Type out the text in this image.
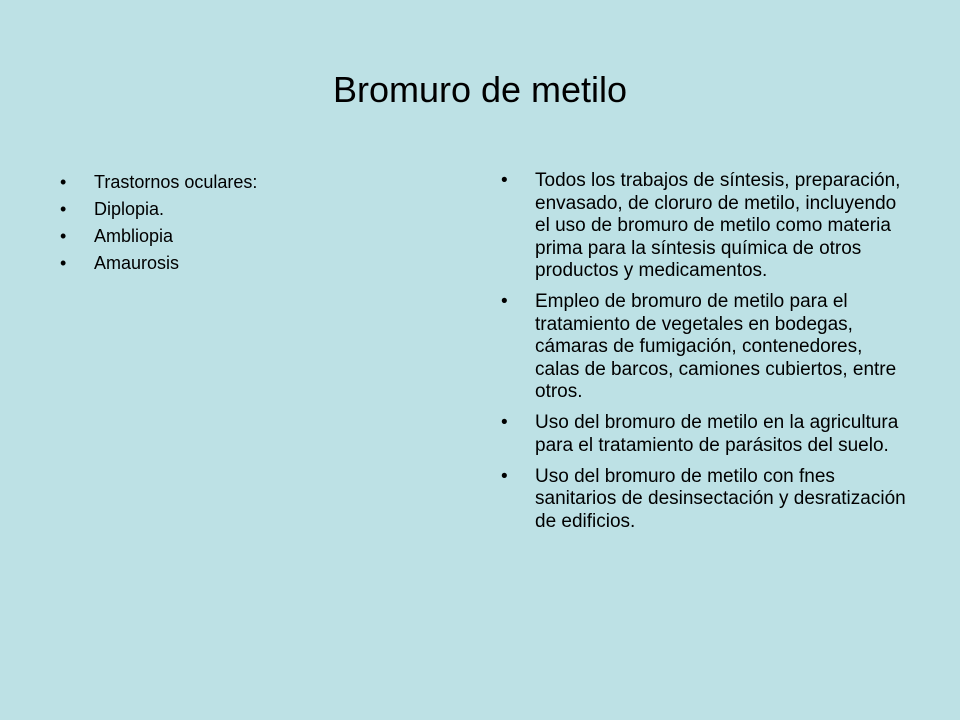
Bromuro de metilo
• Trastornos oculares:
• Diplopia.
• Ambliopia
• Amaurosis
• Todos los trabajos de síntesis, preparación, envasado, de cloruro de metilo, incluyendo el uso de bromuro de metilo como materia prima para la síntesis química de otros productos y medicamentos.
• Empleo de bromuro de metilo para el tratamiento de vegetales en bodegas, cámaras de fumigación, contenedores, calas de barcos, camiones cubiertos, entre otros.
• Uso del bromuro de metilo en la agricultura para el tratamiento de parásitos del suelo.
• Uso del bromuro de metilo con fnes sanitarios de desinsectación y desratización de edificios.
